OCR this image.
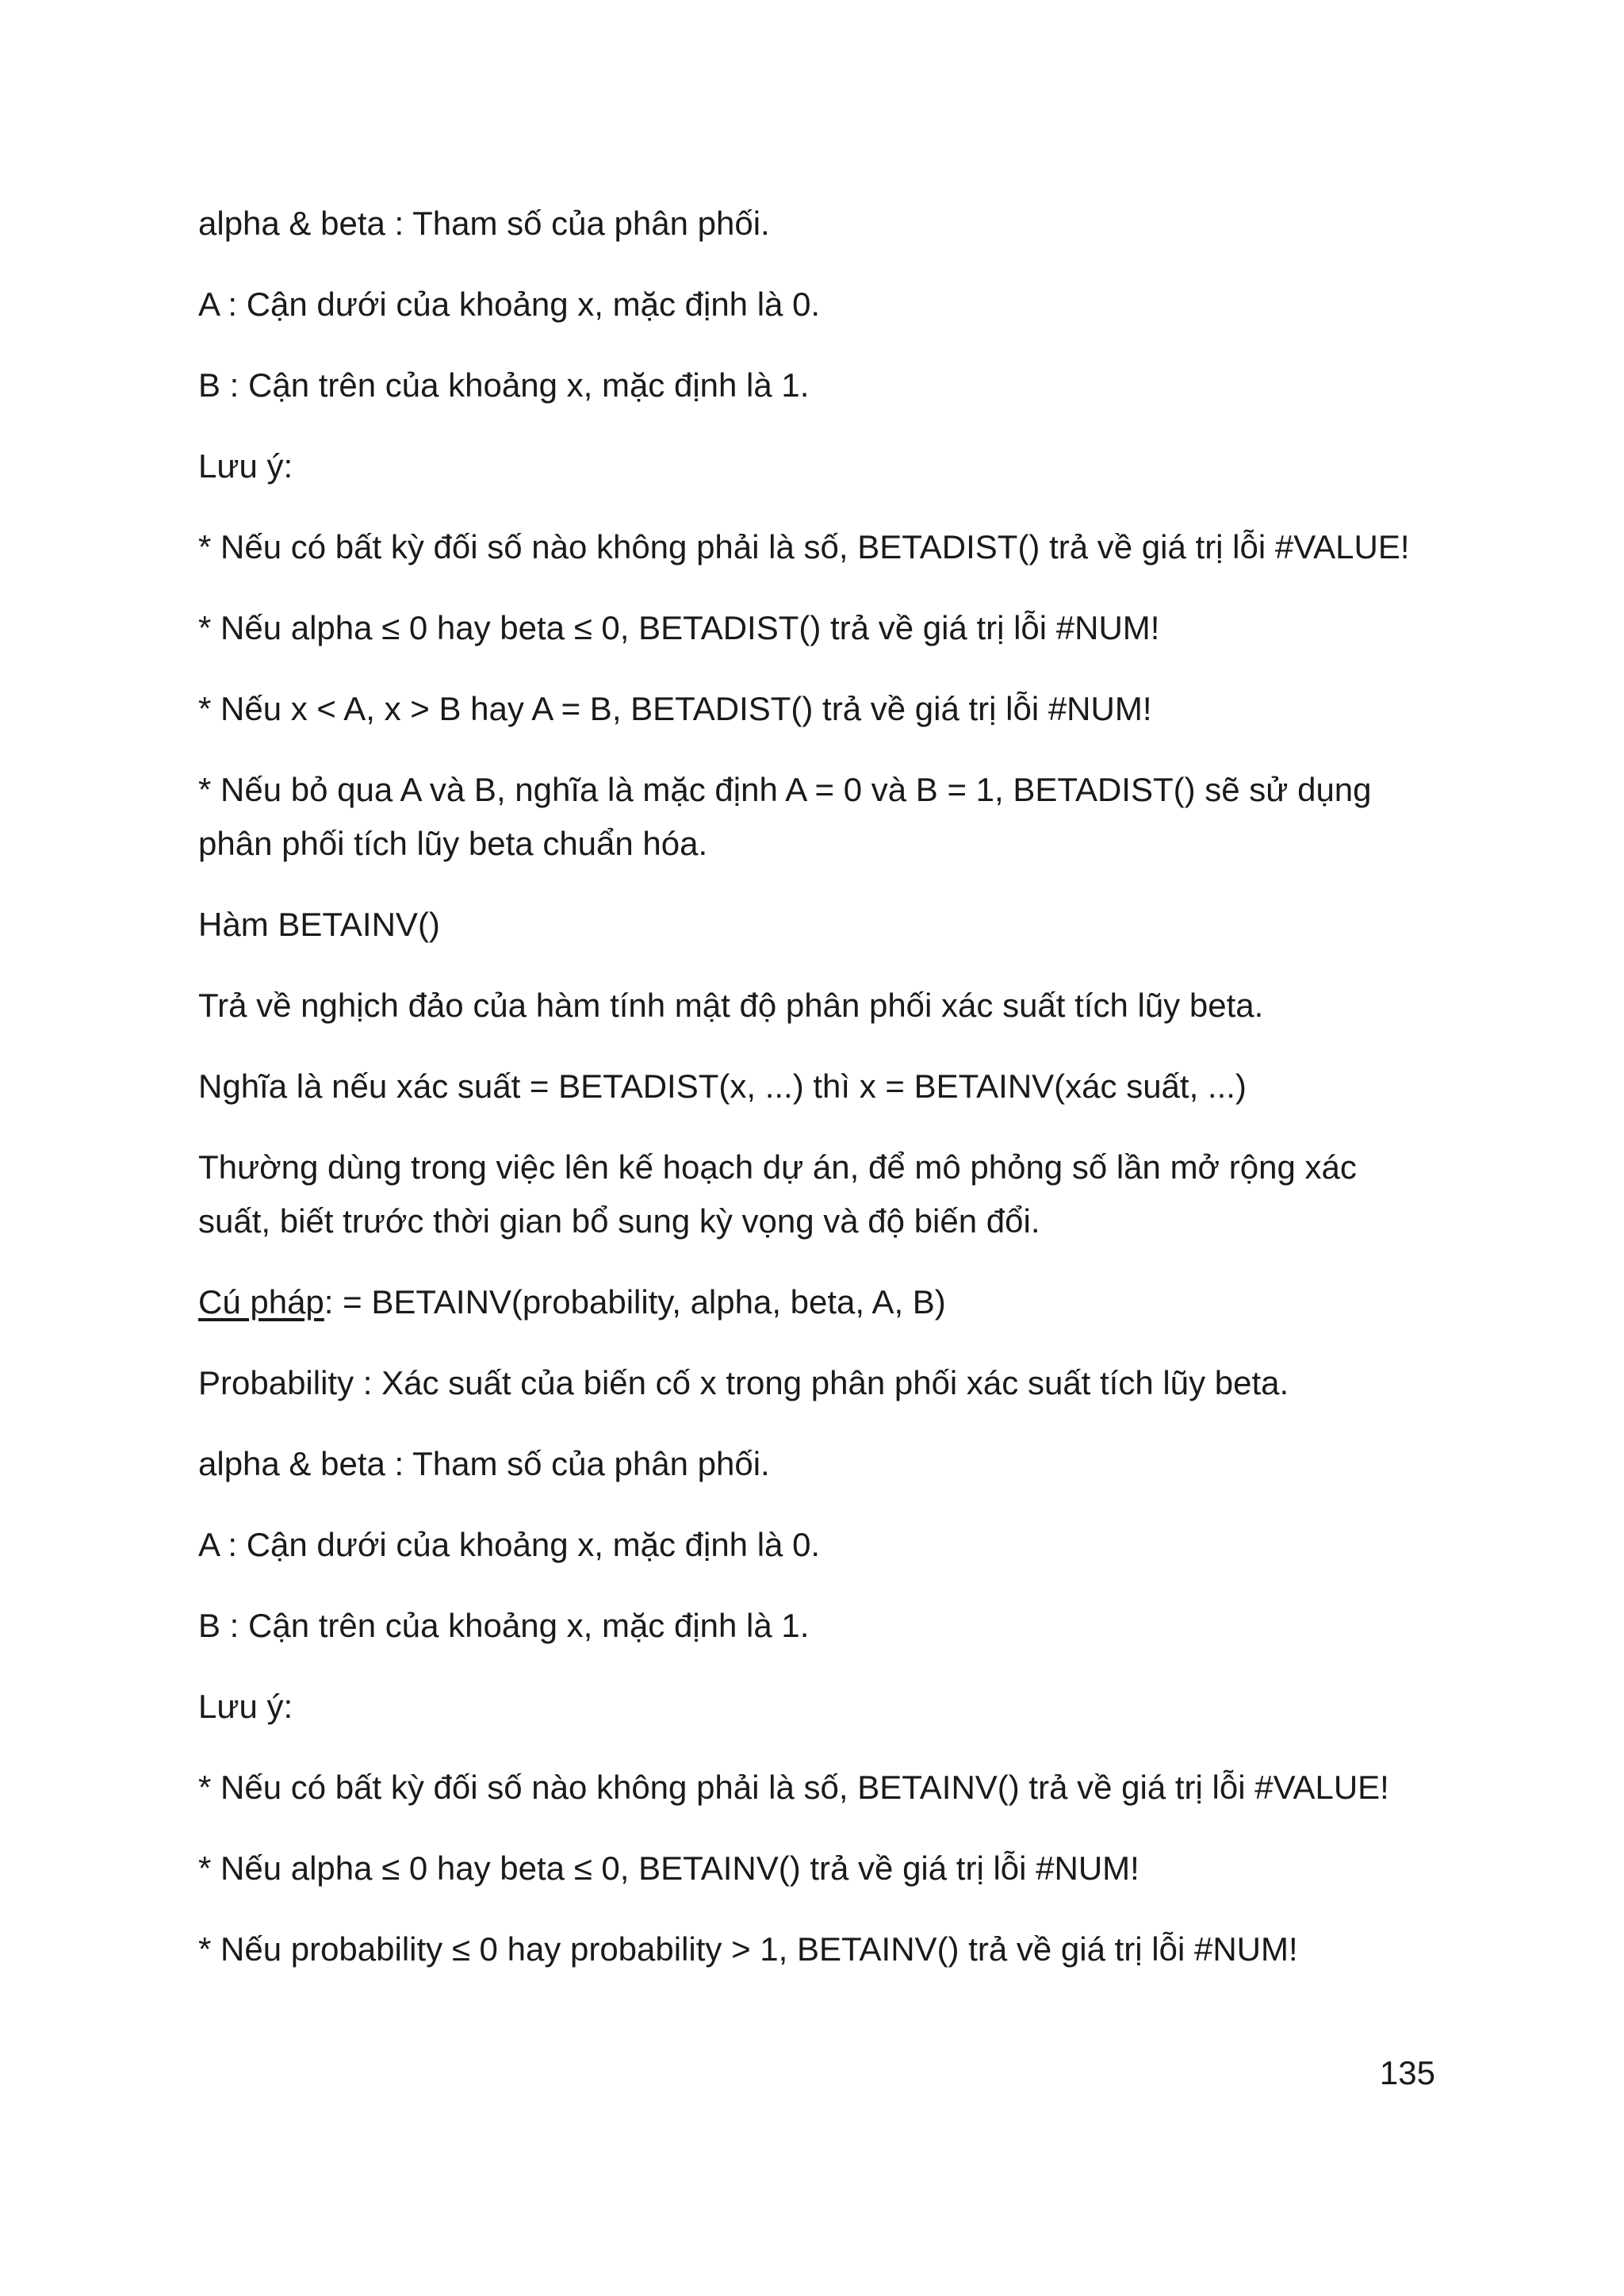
alpha & beta : Tham số của phân phối.

A : Cận dưới của khoảng x, mặc định là 0.

B : Cận trên của khoảng x, mặc định là 1.

Lưu ý:

* Nếu có bất kỳ đối số nào không phải là số, BETADIST() trả về giá trị lỗi #VALUE!

* Nếu alpha ≤ 0 hay beta ≤ 0, BETADIST() trả về giá trị lỗi #NUM!

* Nếu x < A, x > B hay A = B, BETADIST() trả về giá trị lỗi #NUM!

* Nếu bỏ qua A và B, nghĩa là mặc định A = 0 và B = 1, BETADIST() sẽ sử dụng phân phối tích lũy beta chuẩn hóa.

Hàm BETAINV()

Trả về nghịch đảo của hàm tính mật độ phân phối xác suất tích lũy beta.

Nghĩa là nếu xác suất = BETADIST(x, ...) thì x = BETAINV(xác suất, ...)

Thường dùng trong việc lên kế hoạch dự án, để mô phỏng số lần mở rộng xác suất, biết trước thời gian bổ sung kỳ vọng và độ biến đổi.

Cú pháp: = BETAINV(probability, alpha, beta, A, B)

Probability : Xác suất của biến cố x trong phân phối xác suất tích lũy beta.

alpha & beta : Tham số của phân phối.

A : Cận dưới của khoảng x, mặc định là 0.

B : Cận trên của khoảng x, mặc định là 1.

Lưu ý:

* Nếu có bất kỳ đối số nào không phải là số, BETAINV() trả về giá trị lỗi #VALUE!

* Nếu alpha ≤ 0 hay beta ≤ 0, BETAINV() trả về giá trị lỗi #NUM!

* Nếu probability ≤ 0 hay probability > 1, BETAINV() trả về giá trị lỗi #NUM!

135
